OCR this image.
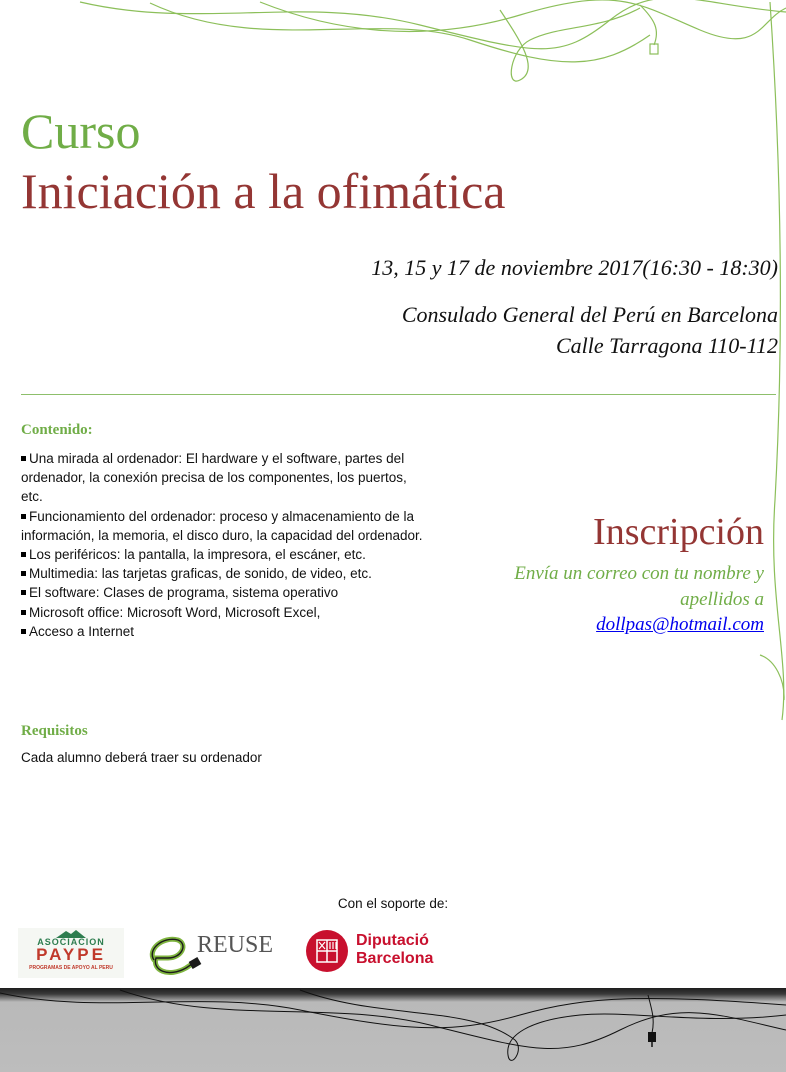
Curso
Iniciación a la ofimática
13, 15 y 17 de noviembre 2017(16:30 - 18:30)
Consulado General del Perú en Barcelona
Calle Tarragona 110-112
Contenido:
Una mirada al ordenador: El hardware y el software, partes del ordenador, la conexión precisa de los componentes, los puertos, etc.
Funcionamiento del ordenador: proceso y almacenamiento de la información, la memoria, el disco duro, la capacidad del ordenador.
Los periféricos: la pantalla, la impresora, el escáner, etc.
Multimedia: las tarjetas graficas, de sonido, de video, etc.
El software: Clases de programa, sistema operativo
Microsoft office: Microsoft Word, Microsoft Excel,
Acceso a Internet
Requisitos
Cada alumno deberá traer su ordenador
Inscripción
Envía un correo con tu nombre y apellidos a
dollpas@hotmail.com
Con el soporte de:
ASOCIACION
PAYPE
PROGRAMAS DE APOYO AL PERU
REUSE	Diputació
Barcelona
